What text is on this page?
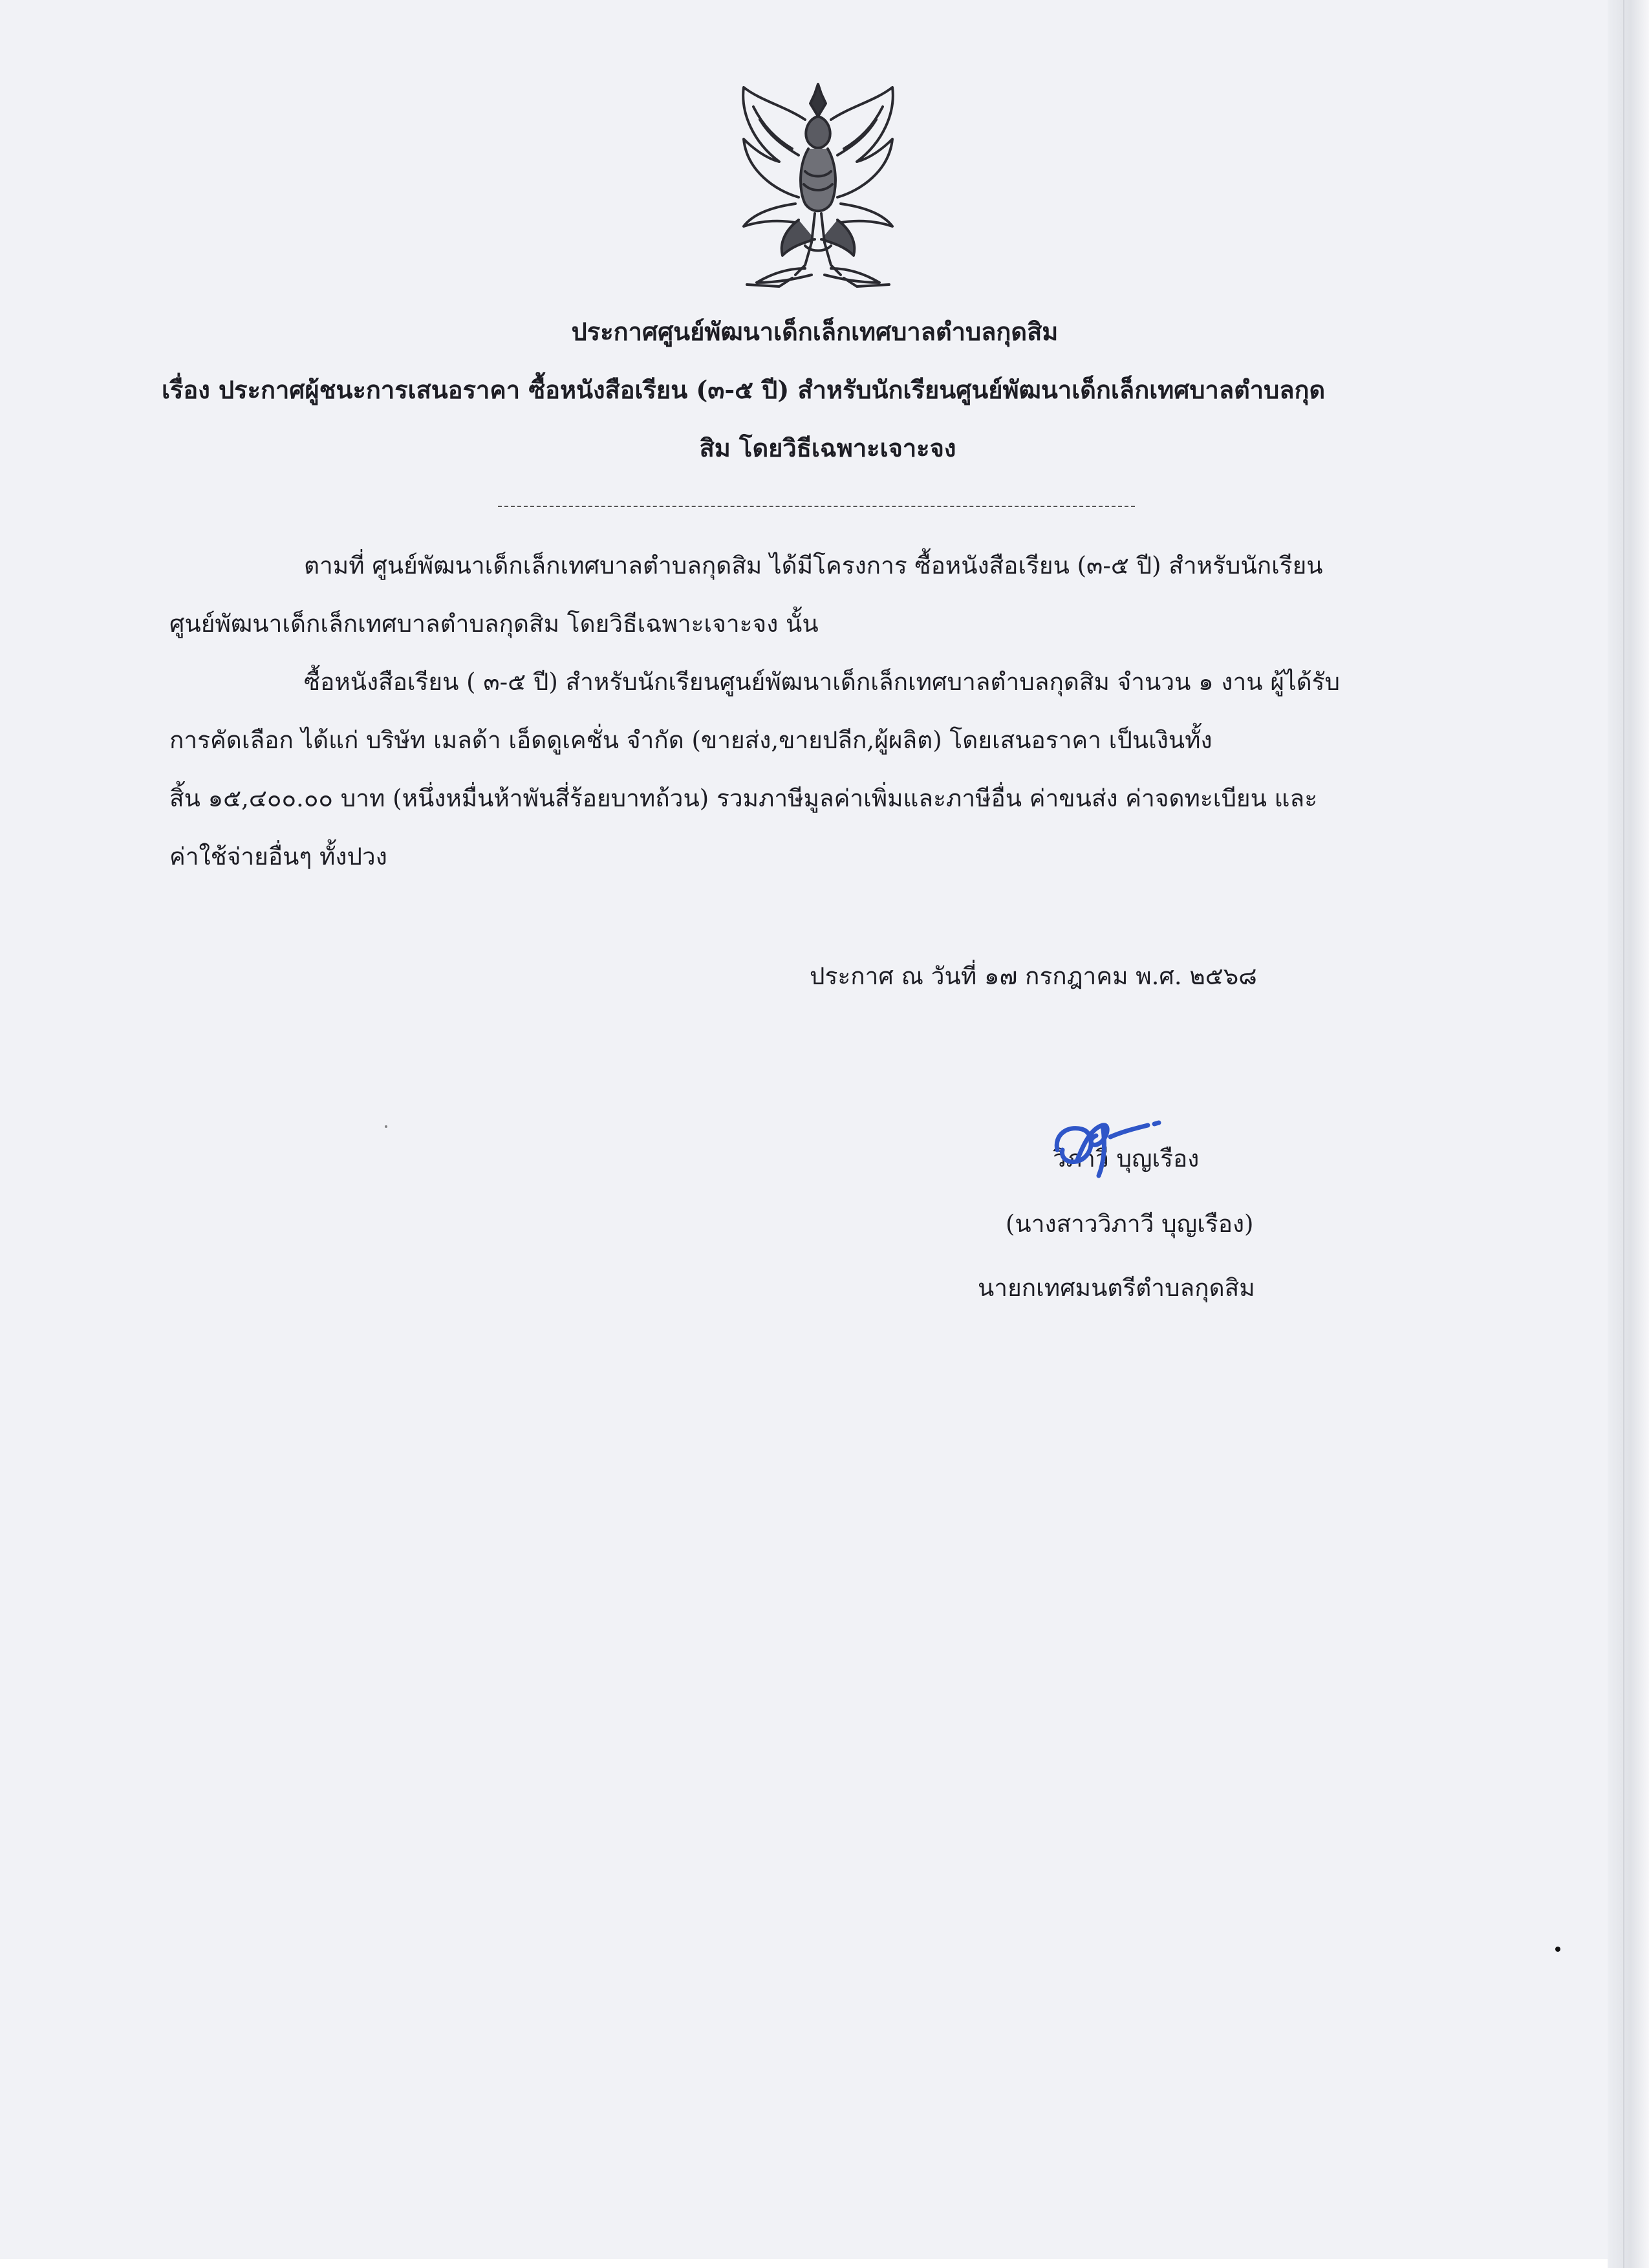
ประกาศศูนย์พัฒนาเด็กเล็กเทศบาลตำบลกุดสิม
เรื่อง ประกาศผู้ชนะการเสนอราคา ซื้อหนังสือเรียน (๓-๕ ปี) สำหรับนักเรียนศูนย์พัฒนาเด็กเล็กเทศบาลตำบลกุด
สิม โดยวิธีเฉพาะเจาะจง
ตามที่ ศูนย์พัฒนาเด็กเล็กเทศบาลตำบลกุดสิม ได้มีโครงการ ซื้อหนังสือเรียน (๓-๕ ปี) สำหรับนักเรียน
ศูนย์พัฒนาเด็กเล็กเทศบาลตำบลกุดสิม โดยวิธีเฉพาะเจาะจง นั้น
ซื้อหนังสือเรียน ( ๓-๕ ปี) สำหรับนักเรียนศูนย์พัฒนาเด็กเล็กเทศบาลตำบลกุดสิม จำนวน ๑ งาน ผู้ได้รับ
การคัดเลือก ได้แก่ บริษัท เมลด้า เอ็ดดูเคชั่น จำกัด (ขายส่ง,ขายปลีก,ผู้ผลิต) โดยเสนอราคา เป็นเงินทั้ง
สิ้น ๑๕,๔๐๐.๐๐ บาท (หนึ่งหมื่นห้าพันสี่ร้อยบาทถ้วน) รวมภาษีมูลค่าเพิ่มและภาษีอื่น ค่าขนส่ง ค่าจดทะเบียน และ
ค่าใช้จ่ายอื่นๆ ทั้งปวง
ประกาศ ณ วันที่ ๑๗ กรกฎาคม พ.ศ. ๒๕๖๘
วิภาวี บุญเรือง
(นางสาววิภาวี บุญเรือง)
นายกเทศมนตรีตำบลกุดสิม
